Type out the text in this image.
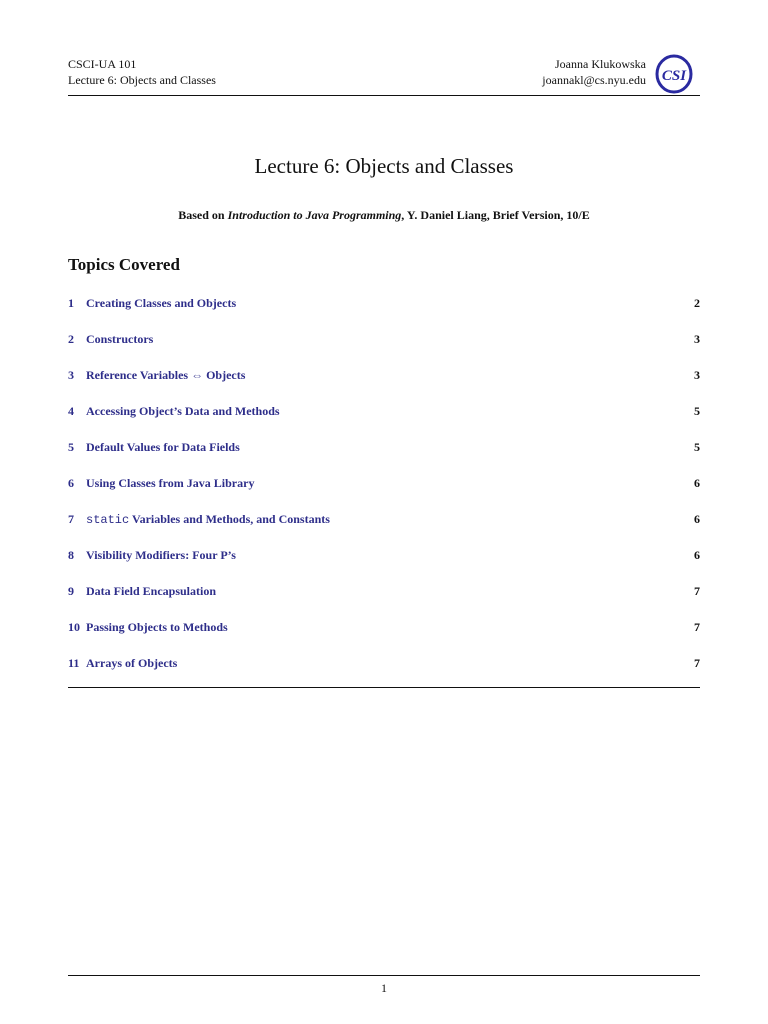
CSCI-UA 101
Lecture 6: Objects and Classes
Joanna Klukowska
joannakl@cs.nyu.edu CSI
Lecture 6: Objects and Classes
Based on Introduction to Java Programming, Y. Daniel Liang, Brief Version, 10/E
Topics Covered
1 Creating Classes and Objects	2
2 Constructors	3
3 Reference Variables ⇔ Objects	3
4 Accessing Object’s Data and Methods	5
5 Default Values for Data Fields	5
6 Using Classes from Java Library	6
7 static Variables and Methods, and Constants	6
8 Visibility Modifiers: Four P’s	6
9 Data Field Encapsulation	7
10 Passing Objects to Methods	7
11 Arrays of Objects	7
1
